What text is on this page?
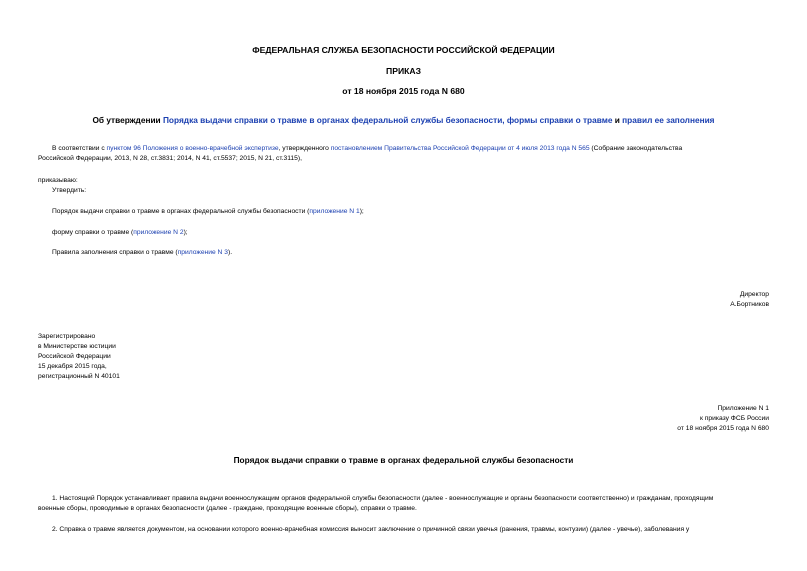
ФЕДЕРАЛЬНАЯ СЛУЖБА БЕЗОПАСНОСТИ РОССИЙСКОЙ ФЕДЕРАЦИИ
ПРИКАЗ
от 18 ноября 2015 года N 680
Об утверждении Порядка выдачи справки о травме в органах федеральной службы безопасности, формы справки о травме и правил ее заполнения
В соответствии с пунктом 96 Положения о военно-врачебной экспертизе, утвержденного постановлением Правительства Российской Федерации от 4 июля 2013 года N 565 (Собрание законодательства
Российской Федерации, 2013, N 28, ст.3831; 2014, N 41, ст.5537; 2015, N 21, ст.3115),
приказываю:
Утвердить:
Порядок выдачи справки о травме в органах федеральной службы безопасности (приложение N 1);
форму справки о травме (приложение N 2);
Правила заполнения справки о травме (приложение N 3).
Директор
А.Бортников
Зарегистрировано
в Министерстве юстиции
Российской Федерации
15 декабря 2015 года,
регистрационный N 40101
Приложение N 1
к приказу ФСБ России
от 18 ноября 2015 года N 680
Порядок выдачи справки о травме в органах федеральной службы безопасности
1. Настоящий Порядок устанавливает правила выдачи военнослужащим органов федеральной службы безопасности (далее - военнослужащие и органы безопасности соответственно) и гражданам, проходящим
военные сборы, проводимые в органах безопасности (далее - граждане, проходящие военные сборы), справки о травме.
2. Справка о травме является документом, на основании которого военно-врачебная комиссия выносит заключение о причинной связи увечья (ранения, травмы, контузии) (далее - увечье), заболевания у
